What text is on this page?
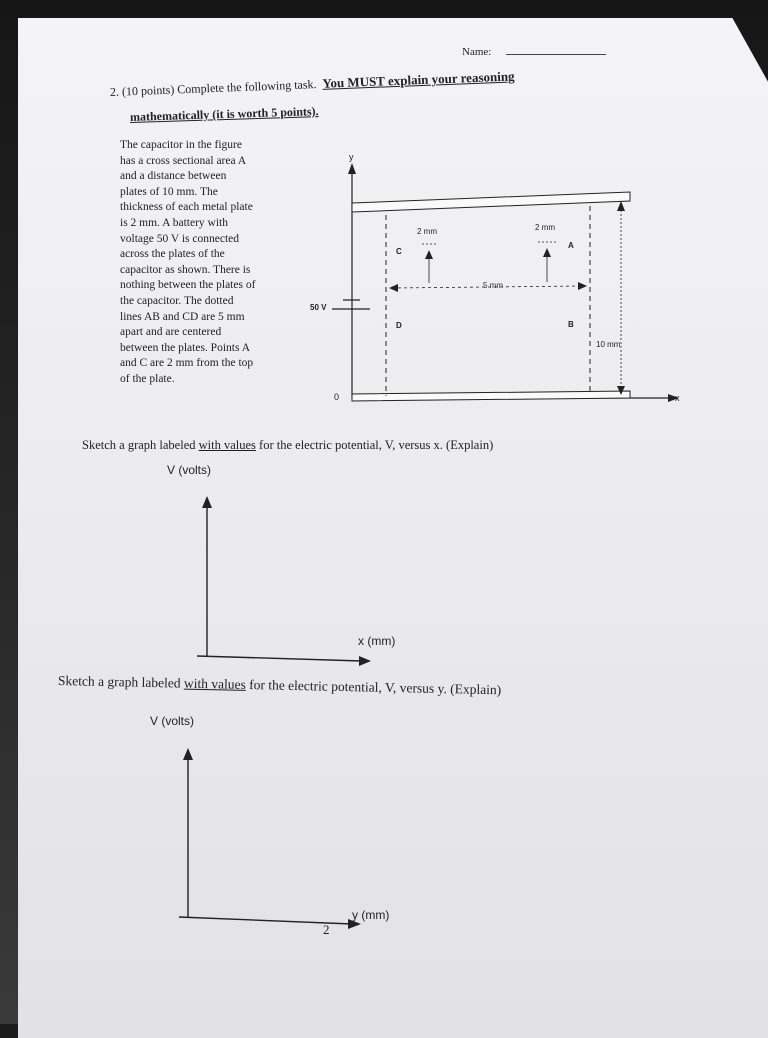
Name:
2. (10 points) Complete the following task. You MUST explain your reasoning
mathematically (it is worth 5 points).
The capacitor in the figure
has a cross sectional area A
and a distance between
plates of 10 mm. The
thickness of each metal plate
is 2 mm. A battery with
voltage 50 V is connected
across the plates of the
capacitor as shown. There is
nothing between the plates of
the capacitor. The dotted
lines AB and CD are 5 mm
apart and are centered
between the plates. Points A
and C are 2 mm from the top
of the plate.
y
x
0
50 V
10 mm
2 mm	2 mm
5 mm
A
B
C
D
Sketch a graph labeled with values for the electric potential, V, versus x. (Explain)
V (volts)
x (mm)
Sketch a graph labeled with values for the electric potential, V, versus y. (Explain)
V (volts)
y (mm)
2
